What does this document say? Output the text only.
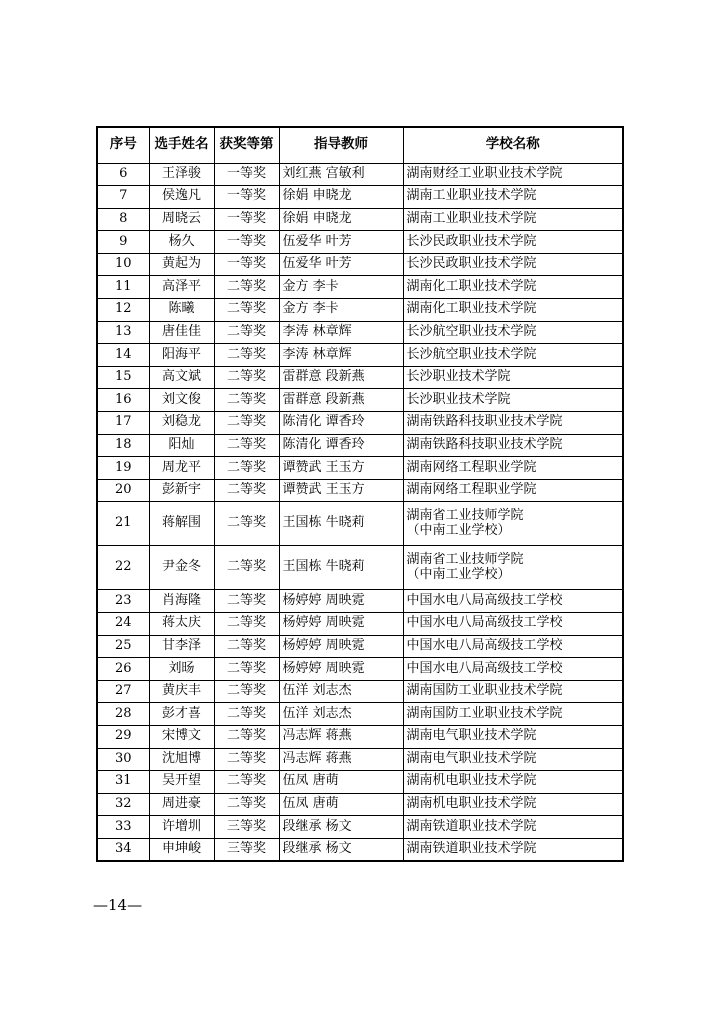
序号	选手姓名	获奖等第	指导教师	学校名称
6	王泽骏	一等奖	刘红燕 宫敏利	湖南财经工业职业技术学院

7	侯逸凡	一等奖	徐娟 申晓龙	湖南工业职业技术学院

8	周晓云	一等奖	徐娟 申晓龙	湖南工业职业技术学院

9	杨久	一等奖	伍爱华 叶芳	长沙民政职业技术学院

10	黄起为	一等奖	伍爱华 叶芳	长沙民政职业技术学院

11	高泽平	二等奖	金方 李卡	湖南化工职业技术学院

12	陈曦	二等奖	金方 李卡	湖南化工职业技术学院

13	唐佳佳	二等奖	李涛 林章辉	长沙航空职业技术学院

14	阳海平	二等奖	李涛 林章辉	长沙航空职业技术学院

15	高文斌	二等奖	雷群意 段新燕	长沙职业技术学院

16	刘文俊	二等奖	雷群意 段新燕	长沙职业技术学院

17	刘稳龙	二等奖	陈清化 谭香玲	湖南铁路科技职业技术学院

18	阳灿	二等奖	陈清化 谭香玲	湖南铁路科技职业技术学院

19	周龙平	二等奖	谭赞武 王玉方	湖南网络工程职业学院

20	彭新宇	二等奖	谭赞武 王玉方	湖南网络工程职业学院

21	蒋解围	二等奖	王国栋 牛晓莉	湖南省工业技师学院
（中南工业学校）

22	尹金冬	二等奖	王国栋 牛晓莉	湖南省工业技师学院
（中南工业学校）

23	肖海隆	二等奖	杨婷婷 周映霓	中国水电八局高级技工学校

24	蒋太庆	二等奖	杨婷婷 周映霓	中国水电八局高级技工学校

25	甘李泽	二等奖	杨婷婷 周映霓	中国水电八局高级技工学校

26	刘旸	二等奖	杨婷婷 周映霓	中国水电八局高级技工学校

27	黄庆丰	二等奖	伍洋 刘志杰	湖南国防工业职业技术学院

28	彭才喜	二等奖	伍洋 刘志杰	湖南国防工业职业技术学院

29	宋博文	二等奖	冯志辉 蒋燕	湖南电气职业技术学院

30	沈旭博	二等奖	冯志辉 蒋燕	湖南电气职业技术学院

31	吴开望	二等奖	伍凤 唐萌	湖南机电职业技术学院

32	周进豪	二等奖	伍凤 唐萌	湖南机电职业技术学院

33	许增圳	三等奖	段继承 杨文	湖南铁道职业技术学院

34	申坤峻	三等奖	段继承 杨文	湖南铁道职业技术学院
—14—
